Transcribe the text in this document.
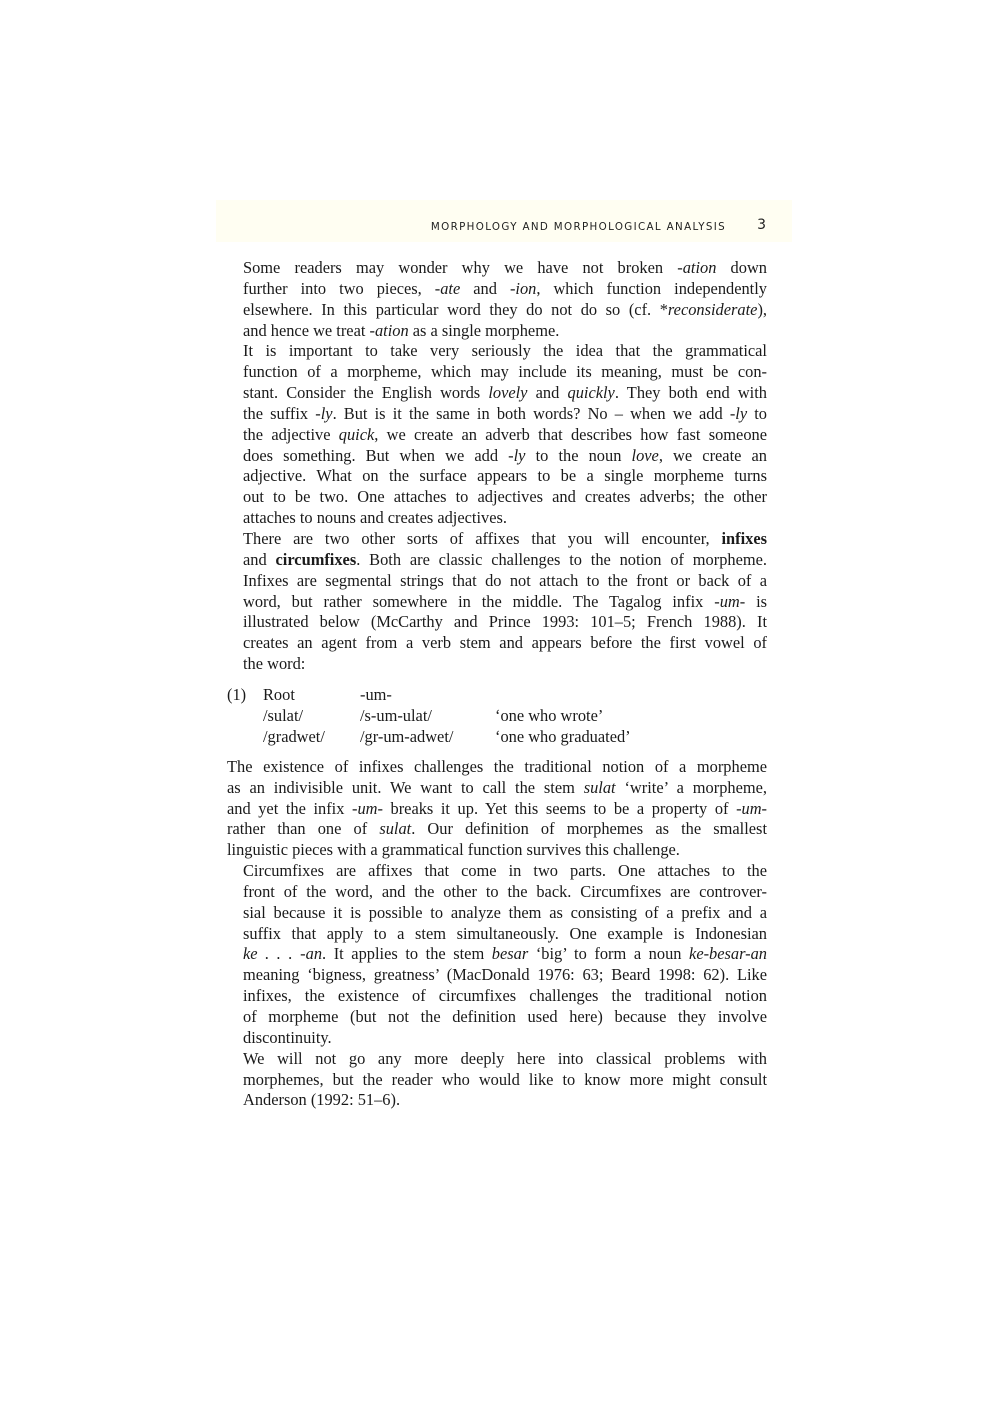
MORPHOLOGY AND MORPHOLOGICAL ANALYSIS 3
Some readers may wonder why we have not broken -ation down
further into two pieces, -ate and -ion, which function independently
elsewhere. In this particular word they do not do so (cf. *reconsiderate),
and hence we treat -ation as a single morpheme.
It is important to take very seriously the idea that the grammatical
function of a morpheme, which may include its meaning, must be con-
stant. Consider the English words lovely and quickly. They both end with
the suffix -ly. But is it the same in both words? No – when we add -ly to
the adjective quick, we create an adverb that describes how fast someone
does something. But when we add -ly to the noun love, we create an
adjective. What on the surface appears to be a single morpheme turns
out to be two. One attaches to adjectives and creates adverbs; the other
attaches to nouns and creates adjectives.
There are two other sorts of affixes that you will encounter, infixes
and circumfixes. Both are classic challenges to the notion of morpheme.
Infixes are segmental strings that do not attach to the front or back of a
word, but rather somewhere in the middle. The Tagalog infix -um- is
illustrated below (McCarthy and Prince 1993: 101–5; French 1988). It
creates an agent from a verb stem and appears before the first vowel of
the word:
(1) Root	-um-
/sulat/	/s-um-ulat/	‘one who wrote’
/gradwet/ /gr-um-adwet/	‘one who graduated’
The existence of infixes challenges the traditional notion of a morpheme
as an indivisible unit. We want to call the stem sulat ‘write’ a morpheme,
and yet the infix -um- breaks it up. Yet this seems to be a property of -um-
rather than one of sulat. Our definition of morphemes as the smallest
linguistic pieces with a grammatical function survives this challenge.
Circumfixes are affixes that come in two parts. One attaches to the
front of the word, and the other to the back. Circumfixes are controver-
sial because it is possible to analyze them as consisting of a prefix and a
suffix that apply to a stem simultaneously. One example is Indonesian
ke . . . -an. It applies to the stem besar ‘big’ to form a noun ke-besar-an
meaning ‘bigness, greatness’ (MacDonald 1976: 63; Beard 1998: 62). Like
infixes, the existence of circumfixes challenges the traditional notion
of morpheme (but not the definition used here) because they involve
discontinuity.
We will not go any more deeply here into classical problems with
morphemes, but the reader who would like to know more might consult
Anderson (1992: 51–6).
